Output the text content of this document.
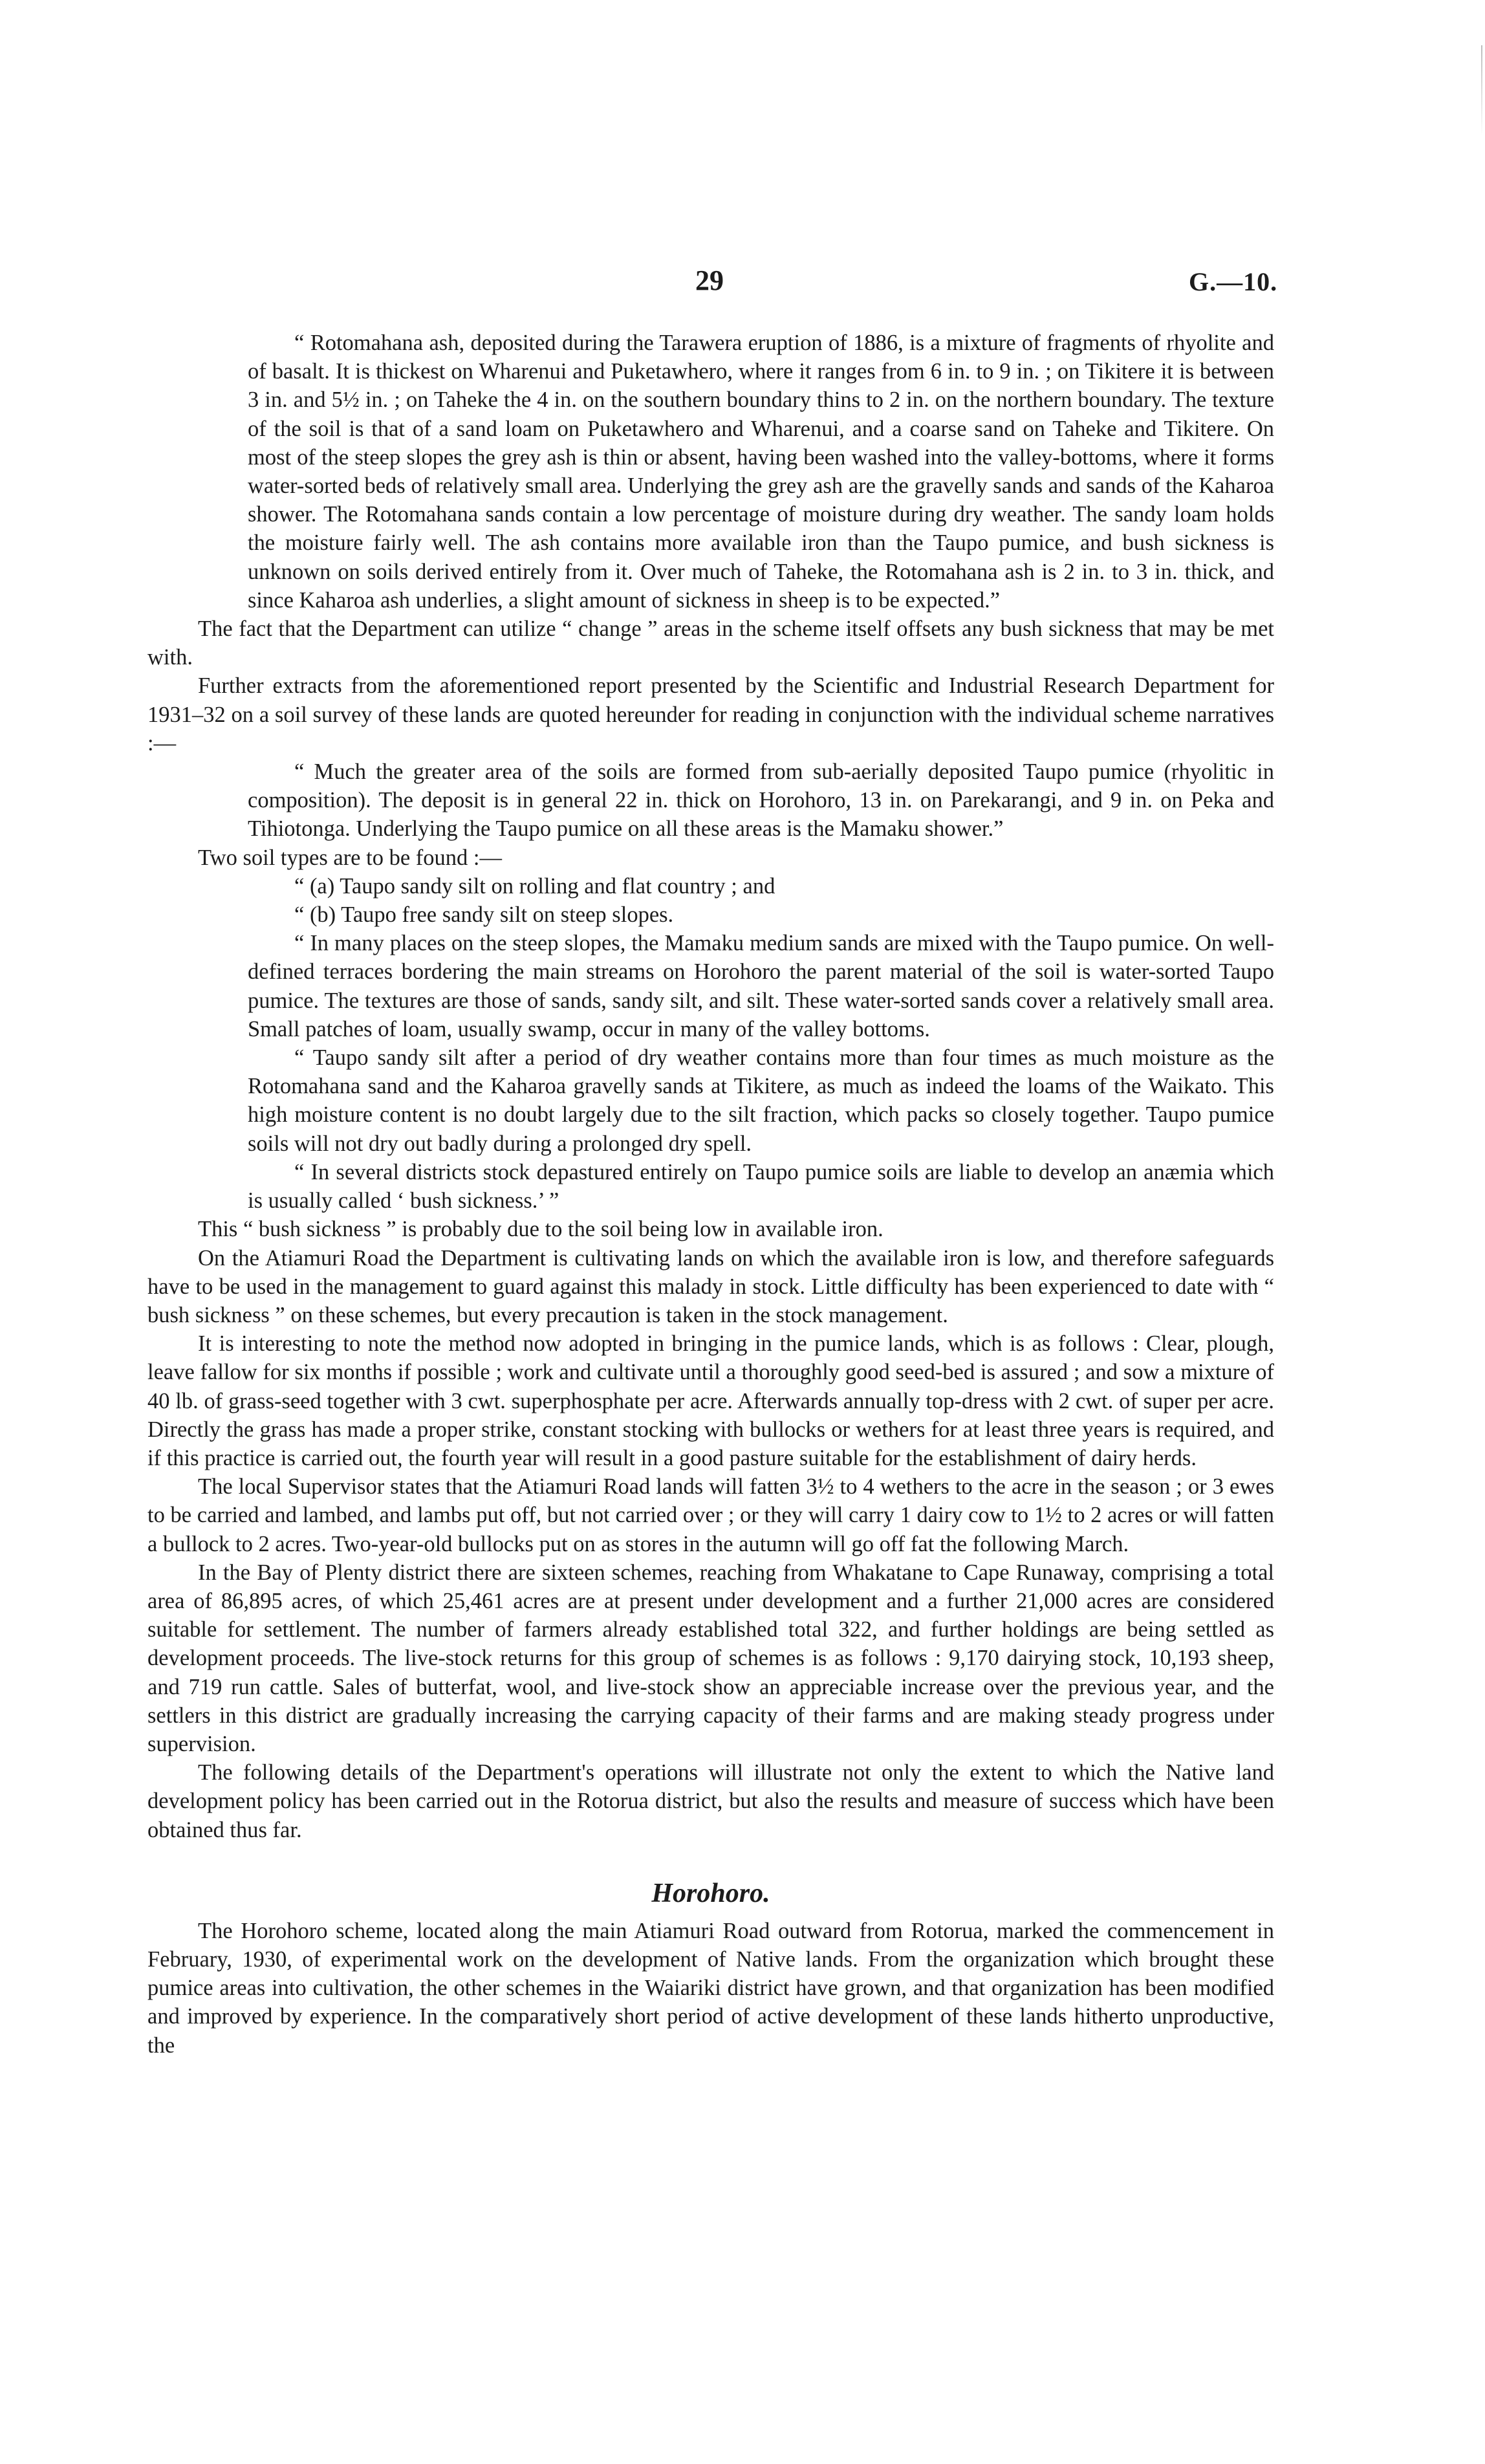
29	G.—10.

“ Rotomahana ash, deposited during the Tarawera eruption of 1886, is a mixture of fragments of rhyolite and of basalt. It is thickest on Wharenui and Puketawhero, where it ranges from 6 in. to 9 in. ; on Tikitere it is between 3 in. and 5½ in. ; on Taheke the 4 in. on the southern boundary thins to 2 in. on the northern boundary. The texture of the soil is that of a sand loam on Puketawhero and Wharenui, and a coarse sand on Taheke and Tikitere. On most of the steep slopes the grey ash is thin or absent, having been washed into the valley-bottoms, where it forms water-sorted beds of relatively small area. Underlying the grey ash are the gravelly sands and sands of the Kaharoa shower. The Rotomahana sands contain a low percentage of moisture during dry weather. The sandy loam holds the moisture fairly well. The ash contains more available iron than the Taupo pumice, and bush sickness is unknown on soils derived entirely from it. Over much of Taheke, the Rotomahana ash is 2 in. to 3 in. thick, and since Kaharoa ash underlies, a slight amount of sickness in sheep is to be expected.”

The fact that the Department can utilize “ change ” areas in the scheme itself offsets any bush sickness that may be met with.

Further extracts from the aforementioned report presented by the Scientific and Industrial Research Department for 1931–32 on a soil survey of these lands are quoted hereunder for reading in conjunction with the individual scheme narratives :—

“ Much the greater area of the soils are formed from sub-aerially deposited Taupo pumice (rhyolitic in composition). The deposit is in general 22 in. thick on Horohoro, 13 in. on Parekarangi, and 9 in. on Peka and Tihiotonga. Underlying the Taupo pumice on all these areas is the Mamaku shower.”

Two soil types are to be found :—

“ (a) Taupo sandy silt on rolling and flat country ; and

“ (b) Taupo free sandy silt on steep slopes.

“ In many places on the steep slopes, the Mamaku medium sands are mixed with the Taupo pumice. On well-defined terraces bordering the main streams on Horohoro the parent material of the soil is water-sorted Taupo pumice. The textures are those of sands, sandy silt, and silt. These water-sorted sands cover a relatively small area. Small patches of loam, usually swamp, occur in many of the valley bottoms.

“ Taupo sandy silt after a period of dry weather contains more than four times as much moisture as the Rotomahana sand and the Kaharoa gravelly sands at Tikitere, as much as indeed the loams of the Waikato. This high moisture content is no doubt largely due to the silt fraction, which packs so closely together. Taupo pumice soils will not dry out badly during a prolonged dry spell.

“ In several districts stock depastured entirely on Taupo pumice soils are liable to develop an anæmia which is usually called ‘ bush sickness.’ ”

This “ bush sickness ” is probably due to the soil being low in available iron.

On the Atiamuri Road the Department is cultivating lands on which the available iron is low, and therefore safeguards have to be used in the management to guard against this malady in stock. Little difficulty has been experienced to date with “ bush sickness ” on these schemes, but every precaution is taken in the stock management.

It is interesting to note the method now adopted in bringing in the pumice lands, which is as follows : Clear, plough, leave fallow for six months if possible ; work and cultivate until a thoroughly good seed-bed is assured ; and sow a mixture of 40 lb. of grass-seed together with 3 cwt. superphosphate per acre. Afterwards annually top-dress with 2 cwt. of super per acre. Directly the grass has made a proper strike, constant stocking with bullocks or wethers for at least three years is required, and if this practice is carried out, the fourth year will result in a good pasture suitable for the establishment of dairy herds.

The local Supervisor states that the Atiamuri Road lands will fatten 3½ to 4 wethers to the acre in the season ; or 3 ewes to be carried and lambed, and lambs put off, but not carried over ; or they will carry 1 dairy cow to 1½ to 2 acres or will fatten a bullock to 2 acres. Two-year-old bullocks put on as stores in the autumn will go off fat the following March.

In the Bay of Plenty district there are sixteen schemes, reaching from Whakatane to Cape Runaway, comprising a total area of 86,895 acres, of which 25,461 acres are at present under development and a further 21,000 acres are considered suitable for settlement. The number of farmers already established total 322, and further holdings are being settled as development proceeds. The live-stock returns for this group of schemes is as follows : 9,170 dairying stock, 10,193 sheep, and 719 run cattle. Sales of butterfat, wool, and live-stock show an appreciable increase over the previous year, and the settlers in this district are gradually increasing the carrying capacity of their farms and are making steady progress under supervision.

The following details of the Department's operations will illustrate not only the extent to which the Native land development policy has been carried out in the Rotorua district, but also the results and measure of success which have been obtained thus far.

Horohoro.

The Horohoro scheme, located along the main Atiamuri Road outward from Rotorua, marked the commencement in February, 1930, of experimental work on the development of Native lands. From the organization which brought these pumice areas into cultivation, the other schemes in the Waiariki district have grown, and that organization has been modified and improved by experience. In the comparatively short period of active development of these lands hitherto unproductive, the
